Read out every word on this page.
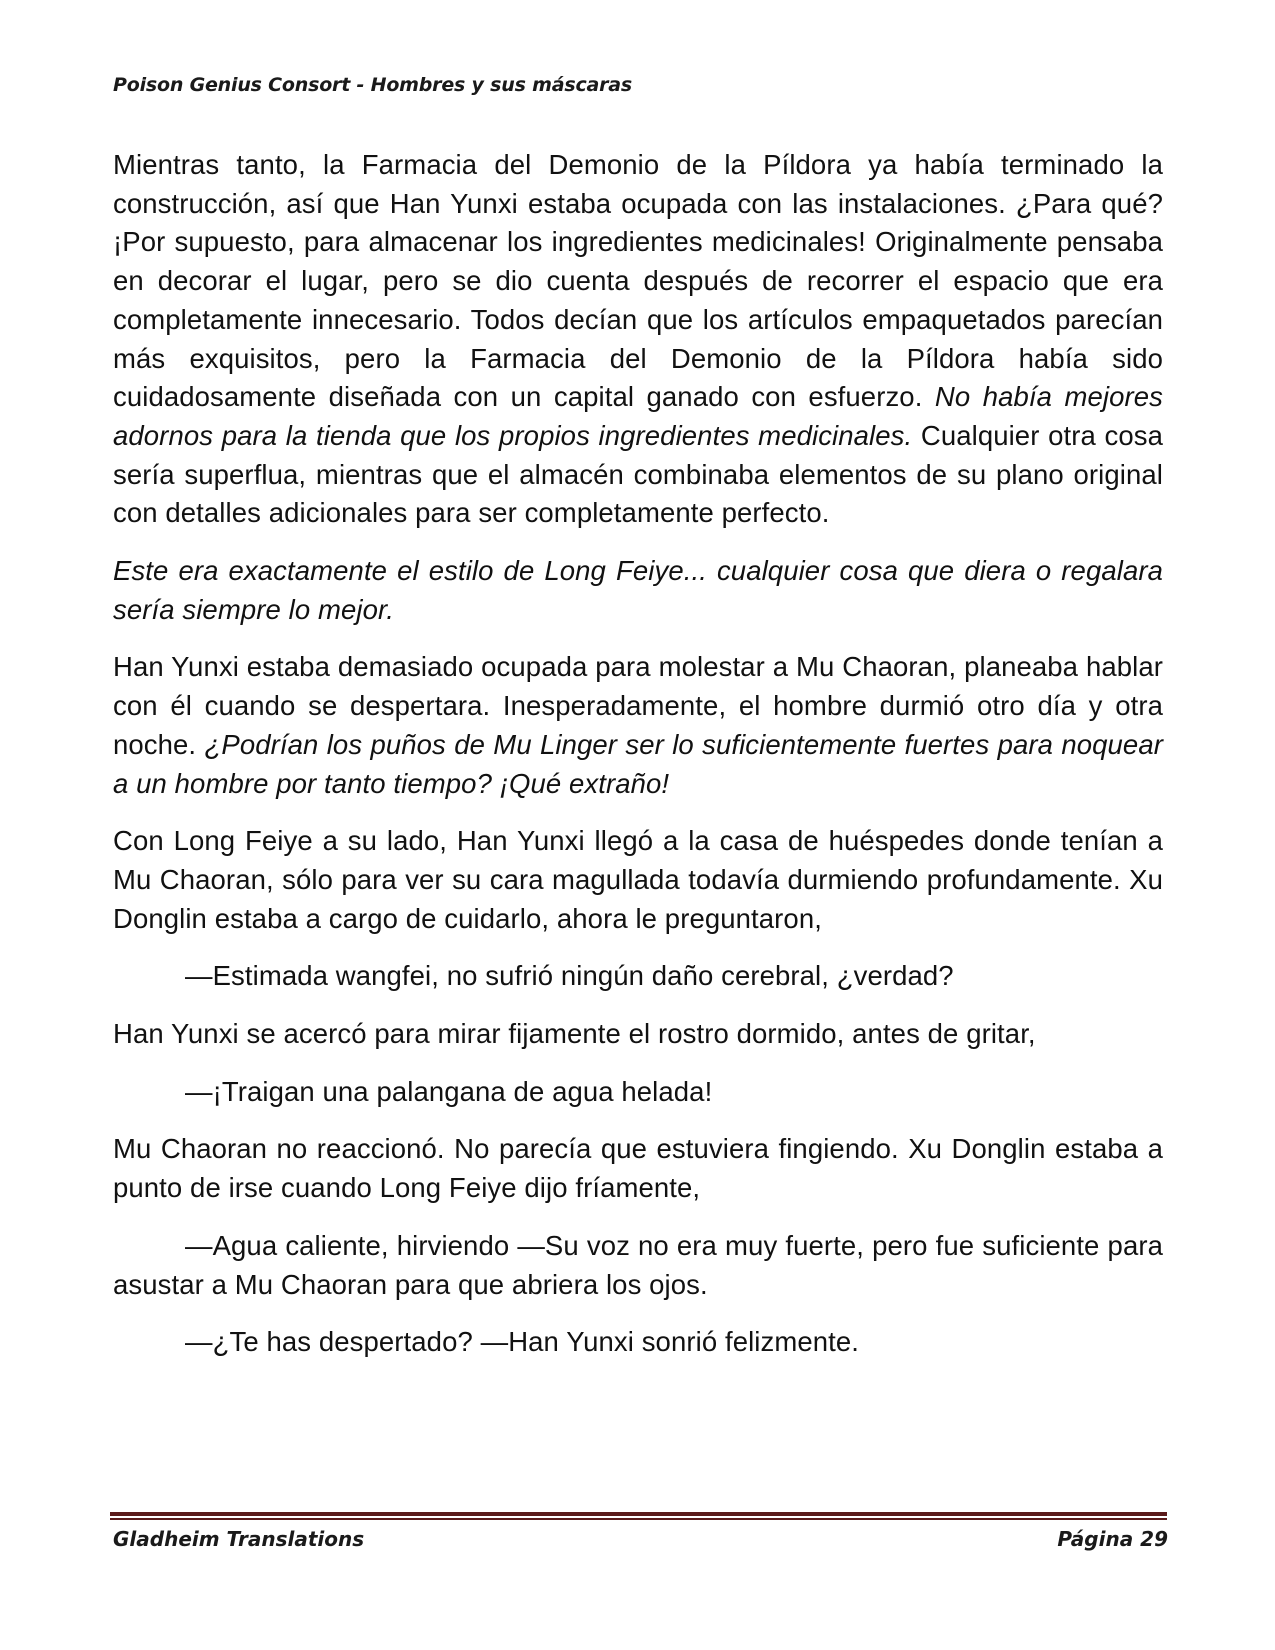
Poison Genius Consort - Hombres y sus máscaras

Mientras tanto, la Farmacia del Demonio de la Píldora ya había terminado la construcción, así que Han Yunxi estaba ocupada con las instalaciones. ¿Para qué? ¡Por supuesto, para almacenar los ingredientes medicinales! Originalmente pensaba en decorar el lugar, pero se dio cuenta después de recorrer el espacio que era completamente innecesario. Todos decían que los artículos empaquetados parecían más exquisitos, pero la Farmacia del Demonio de la Píldora había sido cuidadosamente diseñada con un capital ganado con esfuerzo. No había mejores adornos para la tienda que los propios ingredientes medicinales. Cualquier otra cosa sería superflua, mientras que el almacén combinaba elementos de su plano original con detalles adicionales para ser completamente perfecto.

Este era exactamente el estilo de Long Feiye... cualquier cosa que diera o regalara sería siempre lo mejor.

Han Yunxi estaba demasiado ocupada para molestar a Mu Chaoran, planeaba hablar con él cuando se despertara. Inesperadamente, el hombre durmió otro día y otra noche. ¿Podrían los puños de Mu Linger ser lo suficientemente fuertes para noquear a un hombre por tanto tiempo? ¡Qué extraño!

Con Long Feiye a su lado, Han Yunxi llegó a la casa de huéspedes donde tenían a Mu Chaoran, sólo para ver su cara magullada todavía durmiendo profundamente. Xu Donglin estaba a cargo de cuidarlo, ahora le preguntaron,

—Estimada wangfei, no sufrió ningún daño cerebral, ¿verdad?

Han Yunxi se acercó para mirar fijamente el rostro dormido, antes de gritar,

—¡Traigan una palangana de agua helada!

Mu Chaoran no reaccionó. No parecía que estuviera fingiendo. Xu Donglin estaba a punto de irse cuando Long Feiye dijo fríamente,

—Agua caliente, hirviendo —Su voz no era muy fuerte, pero fue suficiente para asustar a Mu Chaoran para que abriera los ojos.

—¿Te has despertado? —Han Yunxi sonrió felizmente.

Gladheim Translations	Página 29
